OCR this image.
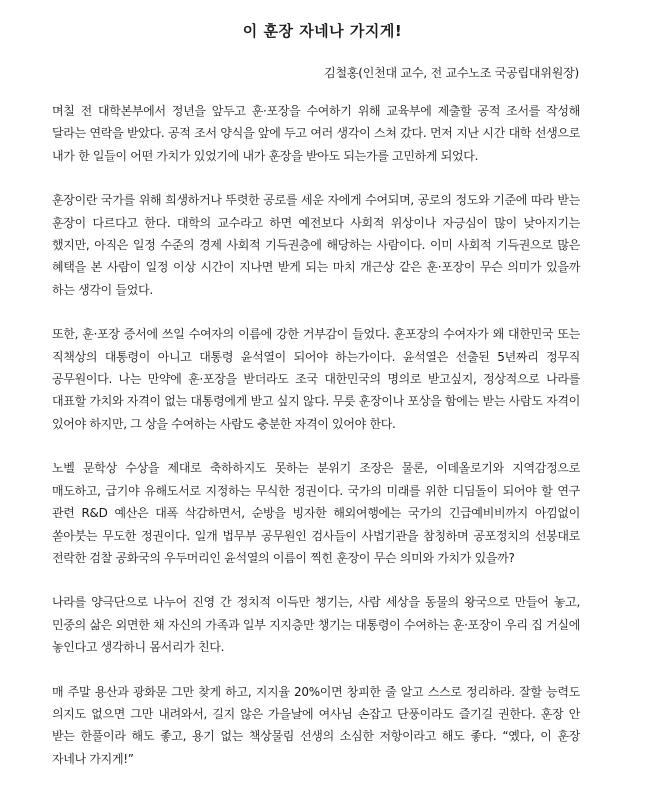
이 훈장 자네나 가지게!
김철홍(인천대 교수, 전 교수노조 국공립대위원장)

며칠 전 대학본부에서 정년을 앞두고 훈·포장을 수여하기 위해 교육부에 제출할 공적 조서를 작성해 달라는 연락을 받았다. 공적 조서 양식을 앞에 두고 여러 생각이 스쳐 갔다. 먼저 지난 시간 대학 선생으로 내가 한 일들이 어떤 가치가 있었기에 내가 훈장을 받아도 되는가를 고민하게 되었다.

훈장이란 국가를 위해 희생하거나 뚜렷한 공로를 세운 자에게 수여되며, 공로의 정도와 기준에 따라 받는 훈장이 다르다고 한다. 대학의 교수라고 하면 예전보다 사회적 위상이나 자긍심이 많이 낮아지기는 했지만, 아직은 일정 수준의 경제 사회적 기득권층에 해당하는 사람이다. 이미 사회적 기득권으로 많은 혜택을 본 사람이 일정 이상 시간이 지나면 받게 되는 마치 개근상 같은 훈·포장이 무슨 의미가 있을까 하는 생각이 들었다.

또한, 훈·포장 증서에 쓰일 수여자의 이름에 강한 거부감이 들었다. 훈포장의 수여자가 왜 대한민국 또는 직책상의 대통령이 아니고 대통령 윤석열이 되어야 하는가이다. 윤석열은 선출된 5년짜리 정무직 공무원이다. 나는 만약에 훈·포장을 받더라도 조국 대한민국의 명의로 받고싶지, 정상적으로 나라를 대표할 가치와 자격이 없는 대통령에게 받고 싶지 않다. 무릇 훈장이나 포상을 함에는 받는 사람도 자격이 있어야 하지만, 그 상을 수여하는 사람도 충분한 자격이 있어야 한다.

노벨 문학상 수상을 제대로 축하하지도 못하는 분위기 조장은 물론, 이데올로기와 지역감정으로 매도하고, 급기야 유해도서로 지정하는 무식한 정권이다. 국가의 미래를 위한 디딤돌이 되어야 할 연구 관련 R&D 예산은 대폭 삭감하면서, 순방을 빙자한 해외여행에는 국가의 긴급예비비까지 아낌없이 쏟아붓는 무도한 정권이다. 일개 법무부 공무원인 검사들이 사법기관을 참칭하며 공포정치의 선봉대로 전락한 검찰 공화국의 우두머리인 윤석열의 이름이 찍힌 훈장이 무슨 의미와 가치가 있을까?

나라를 양극단으로 나누어 진영 간 정치적 이득만 챙기는, 사람 세상을 동물의 왕국으로 만들어 놓고, 민중의 삶은 외면한 채 자신의 가족과 일부 지지층만 챙기는 대통령이 수여하는 훈·포장이 우리 집 거실에 놓인다고 생각하니 몸서리가 친다.

매 주말 용산과 광화문 그만 찾게 하고, 지지율 20%이면 창피한 줄 알고 스스로 정리하라. 잘할 능력도 의지도 없으면 그만 내려와서, 길지 않은 가을날에 여사님 손잡고 단풍이라도 즐기길 권한다. 훈장 안 받는 한풀이라 해도 좋고, 용기 없는 책상물림 선생의 소심한 저항이라고 해도 좋다. “옜다, 이 훈장 자네나 가지게!”
